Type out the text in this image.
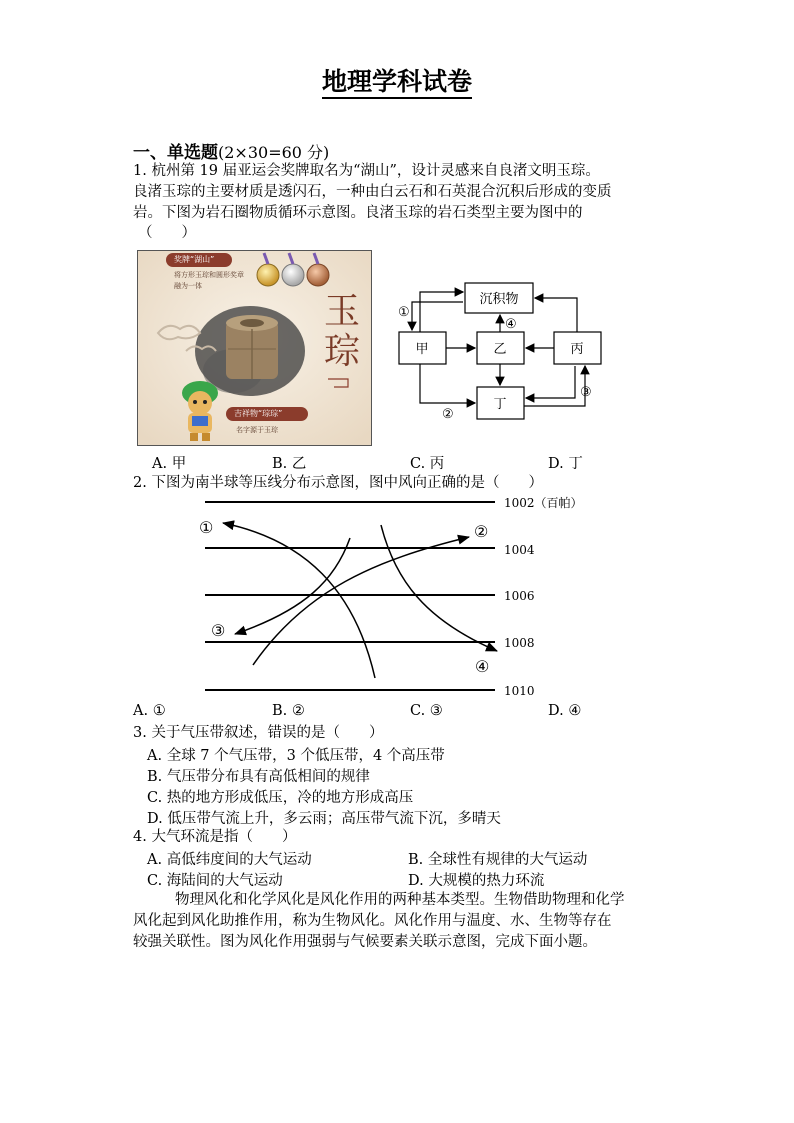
地理学科试卷
一、单选题(2×30=60 分)
1. 杭州第 19 届亚运会奖牌取名为“湖山”，设计灵感来自良渚文明玉琮。
良渚玉琮的主要材质是透闪石，一种由白云石和石英混合沉积后形成的变质
岩。下图为岩石圈物质循环示意图。良渚玉琮的岩石类型主要为图中的
（　　）
奖牌“湖山”
将方形玉琮和圆形奖章
融为一体
玉
琮
吉祥物“琮琮”
名字源于玉琮
沉积物
甲	乙	丙
丁
①
②
③
④
A. 甲	B. 乙	C. 丙	D. 丁
2. 下图为南半球等压线分布示意图，图中风向正确的是（　　）
1002（百帕）
1004
1006
1008
1010
①	②
③
④
A. ①	B. ②	C. ③	D. ④
3. 关于气压带叙述，错误的是（　　）
A. 全球 7 个气压带，3 个低压带，4 个高压带
B. 气压带分布具有高低相间的规律
C. 热的地方形成低压，冷的地方形成高压
D. 低压带气流上升，多云雨；高压带气流下沉，多晴天
4. 大气环流是指（　　）
A. 高低纬度间的大气运动	B. 全球性有规律的大气运动
C. 海陆间的大气运动	D. 大规模的热力环流
物理风化和化学风化是风化作用的两种基本类型。生物借助物理和化学
风化起到风化助推作用，称为生物风化。风化作用与温度、水、生物等存在
较强关联性。图为风化作用强弱与气候要素关联示意图，完成下面小题。
